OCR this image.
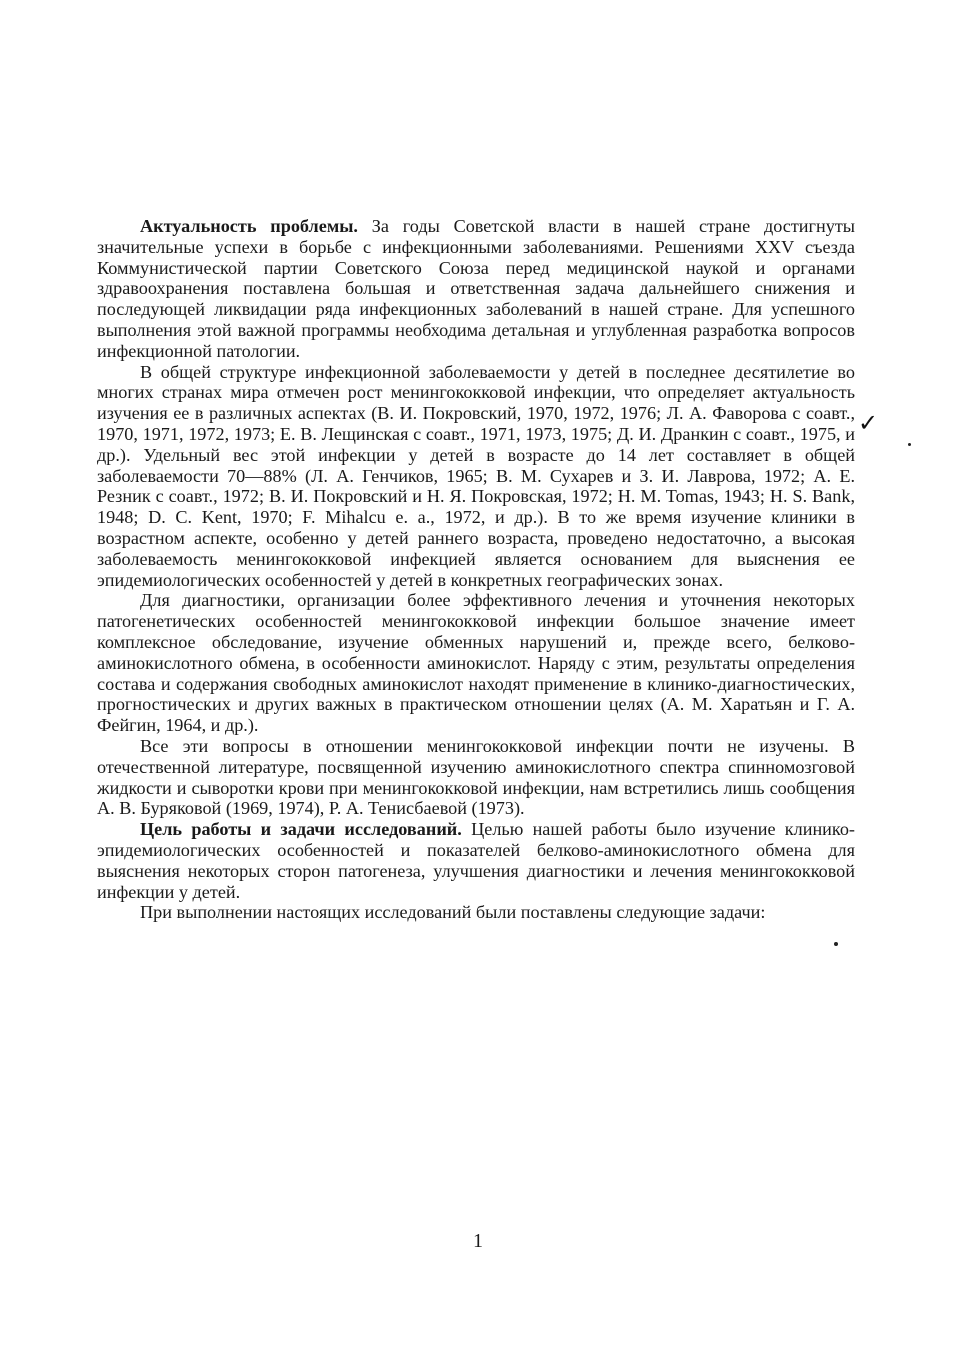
Актуальность проблемы. За годы Советской власти в нашей стране достигнуты значительные успехи в борьбе с инфекционными заболеваниями. Решениями XXV съезда Коммунистической партии Советского Союза перед медицинской наукой и органами здравоохранения поставлена большая и ответственная задача дальнейшего снижения и последующей ликвидации ряда инфекционных заболеваний в нашей стране. Для успешного выполнения этой важной программы необходима детальная и углубленная разработка вопросов инфекционной патологии.

В общей структуре инфекционной заболеваемости у детей в последнее десятилетие во многих странах мира отмечен рост менингококковой инфекции, что определяет актуальность изучения ее в различных аспектах (В. И. Покровский, 1970, 1972, 1976; Л. А. Фаворова с соавт., 1970, 1971, 1972, 1973; Е. В. Лещинская с соавт., 1971, 1973, 1975; Д. И. Дранкин с соавт., 1975, и др.). Удельный вес этой инфекции у детей в возрасте до 14 лет составляет в общей заболеваемости 70—88% (Л. А. Генчиков, 1965; В. М. Сухарев и З. И. Лаврова, 1972; А. Е. Резник с соавт., 1972; В. И. Покровский и Н. Я. Покровская, 1972; H. M. Tomas, 1943; H. S. Bank, 1948; D. C. Kent, 1970; F. Mihalcu e. a., 1972, и др.). В то же время изучение клиники в возрастном аспекте, особенно у детей раннего возраста, проведено недостаточно, а высокая заболеваемость менингококковой инфекцией является основанием для выяснения ее эпидемиологических особенностей у детей в конкретных географических зонах.

Для диагностики, организации более эффективного лечения и уточнения некоторых патогенетических особенностей менингококковой инфекции большое значение имеет комплексное обследование, изучение обменных нарушений и, прежде всего, белково-аминокислотного обмена, в особенности аминокислот. Наряду с этим, результаты определения состава и содержания свободных аминокислот находят применение в клинико-диагностических, прогностических и других важных в практическом отношении целях (А. М. Харатьян и Г. А. Фейгин, 1964, и др.).

Все эти вопросы в отношении менингококковой инфекции почти не изучены. В отечественной литературе, посвященной изучению аминокислотного спектра спинномозговой жидкости и сыворотки крови при менингококковой инфекции, нам встретились лишь сообщения А. В. Буряковой (1969, 1974), Р. А. Тенисбаевой (1973).

Цель работы и задачи исследований. Целью нашей работы было изучение клинико-эпидемиологических особенностей и показателей белково-аминокислотного обмена для выяснения некоторых сторон патогенеза, улучшения диагностики и лечения менингококковой инфекции у детей.

При выполнении настоящих исследований были поставлены следующие задачи:

✓
1
